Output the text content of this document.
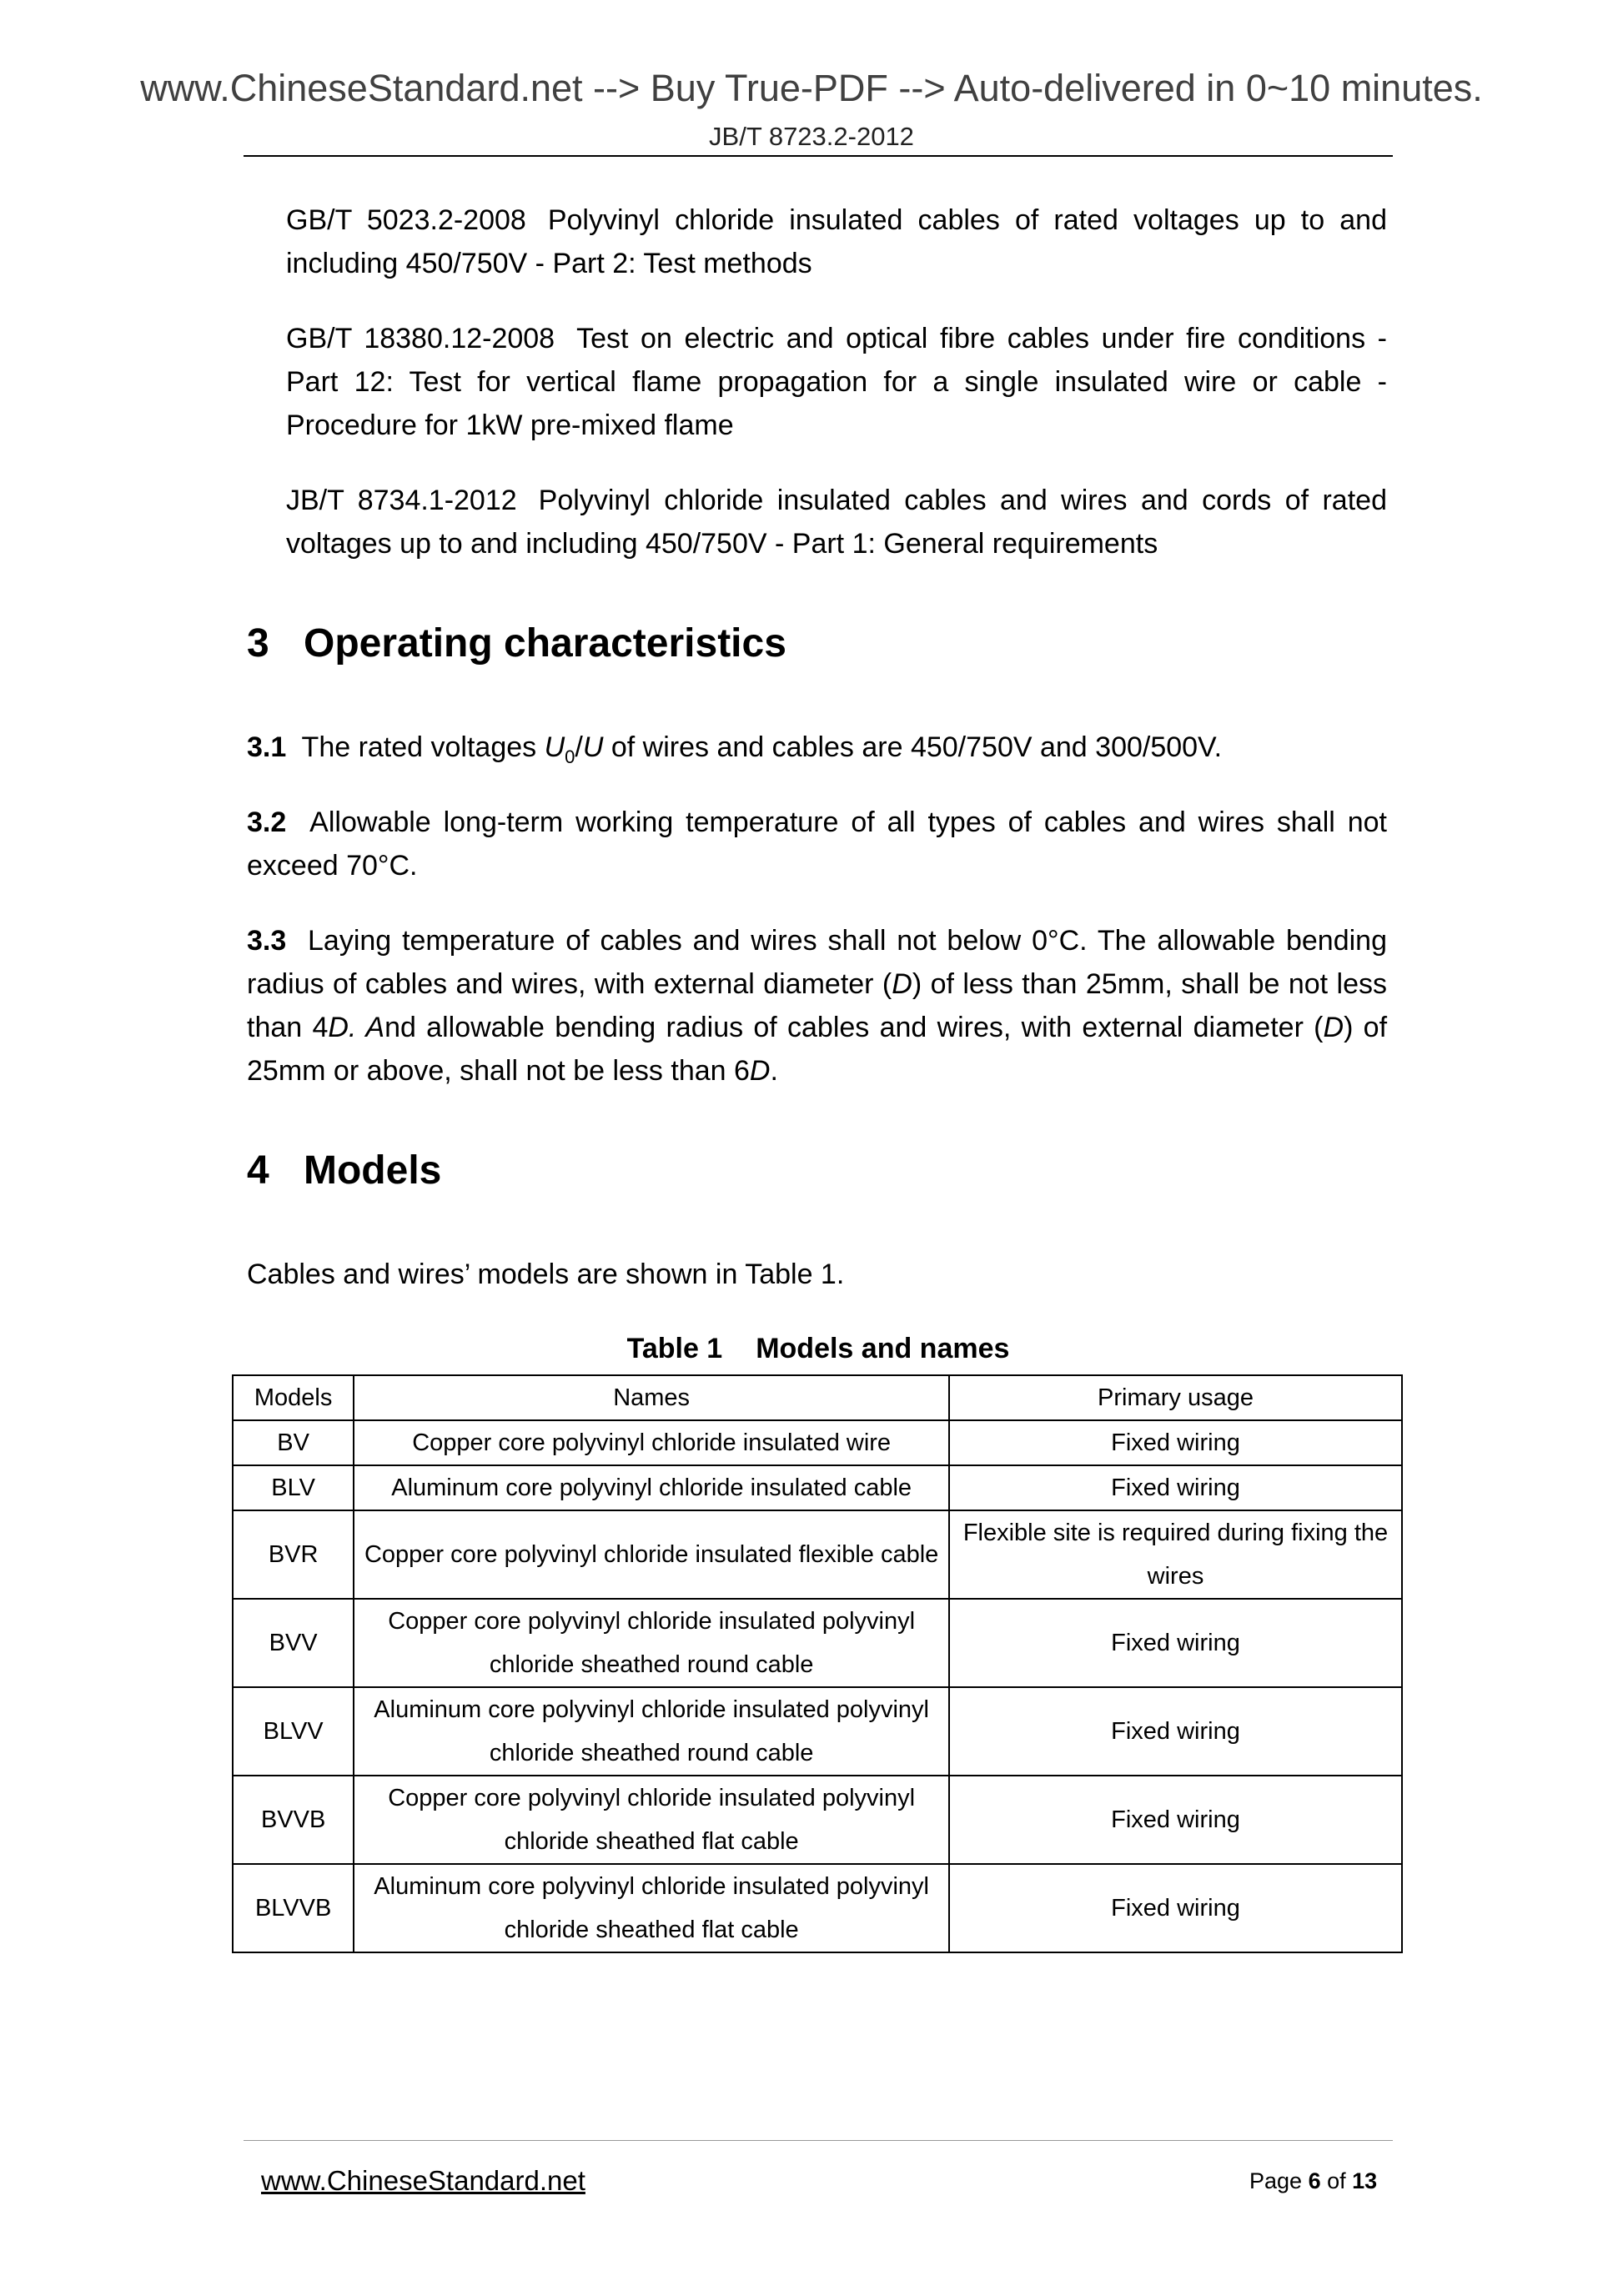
www.ChineseStandard.net --> Buy True-PDF --> Auto-delivered in 0~10 minutes.
JB/T 8723.2-2012
GB/T 5023.2-2008 Polyvinyl chloride insulated cables of rated voltages up to and including 450/750V - Part 2: Test methods
GB/T 18380.12-2008 Test on electric and optical fibre cables under fire conditions - Part 12: Test for vertical flame propagation for a single insulated wire or cable - Procedure for 1kW pre-mixed flame
JB/T 8734.1-2012 Polyvinyl chloride insulated cables and wires and cords of rated voltages up to and including 450/750V - Part 1: General requirements
3 Operating characteristics
3.1 The rated voltages $U_0/U$ of wires and cables are 450/750V and 300/500V.
3.2 Allowable long-term working temperature of all types of cables and wires shall not exceed 70°C.
3.3 Laying temperature of cables and wires shall not below 0°C. The allowable bending radius of cables and wires, with external diameter (D) of less than 25mm, shall be not less than 4D. And allowable bending radius of cables and wires, with external diameter (D) of 25mm or above, shall not be less than 6D.
4 Models
Cables and wires’ models are shown in Table 1.
Table 1 Models and names
Models	Names	Primary usage
BV	Copper core polyvinyl chloride insulated wire	Fixed wiring
BLV	Aluminum core polyvinyl chloride insulated cable	Fixed wiring
BVR	Copper core polyvinyl chloride insulated flexible cable	Flexible site is required during fixing the wires
BVV	Copper core polyvinyl chloride insulated polyvinyl chloride sheathed round cable	Fixed wiring
BLVV	Aluminum core polyvinyl chloride insulated polyvinyl chloride sheathed round cable	Fixed wiring
BVVB	Copper core polyvinyl chloride insulated polyvinyl chloride sheathed flat cable	Fixed wiring
BLVVB	Aluminum core polyvinyl chloride insulated polyvinyl chloride sheathed flat cable	Fixed wiring
www.ChineseStandard.net	Page 6 of 13
